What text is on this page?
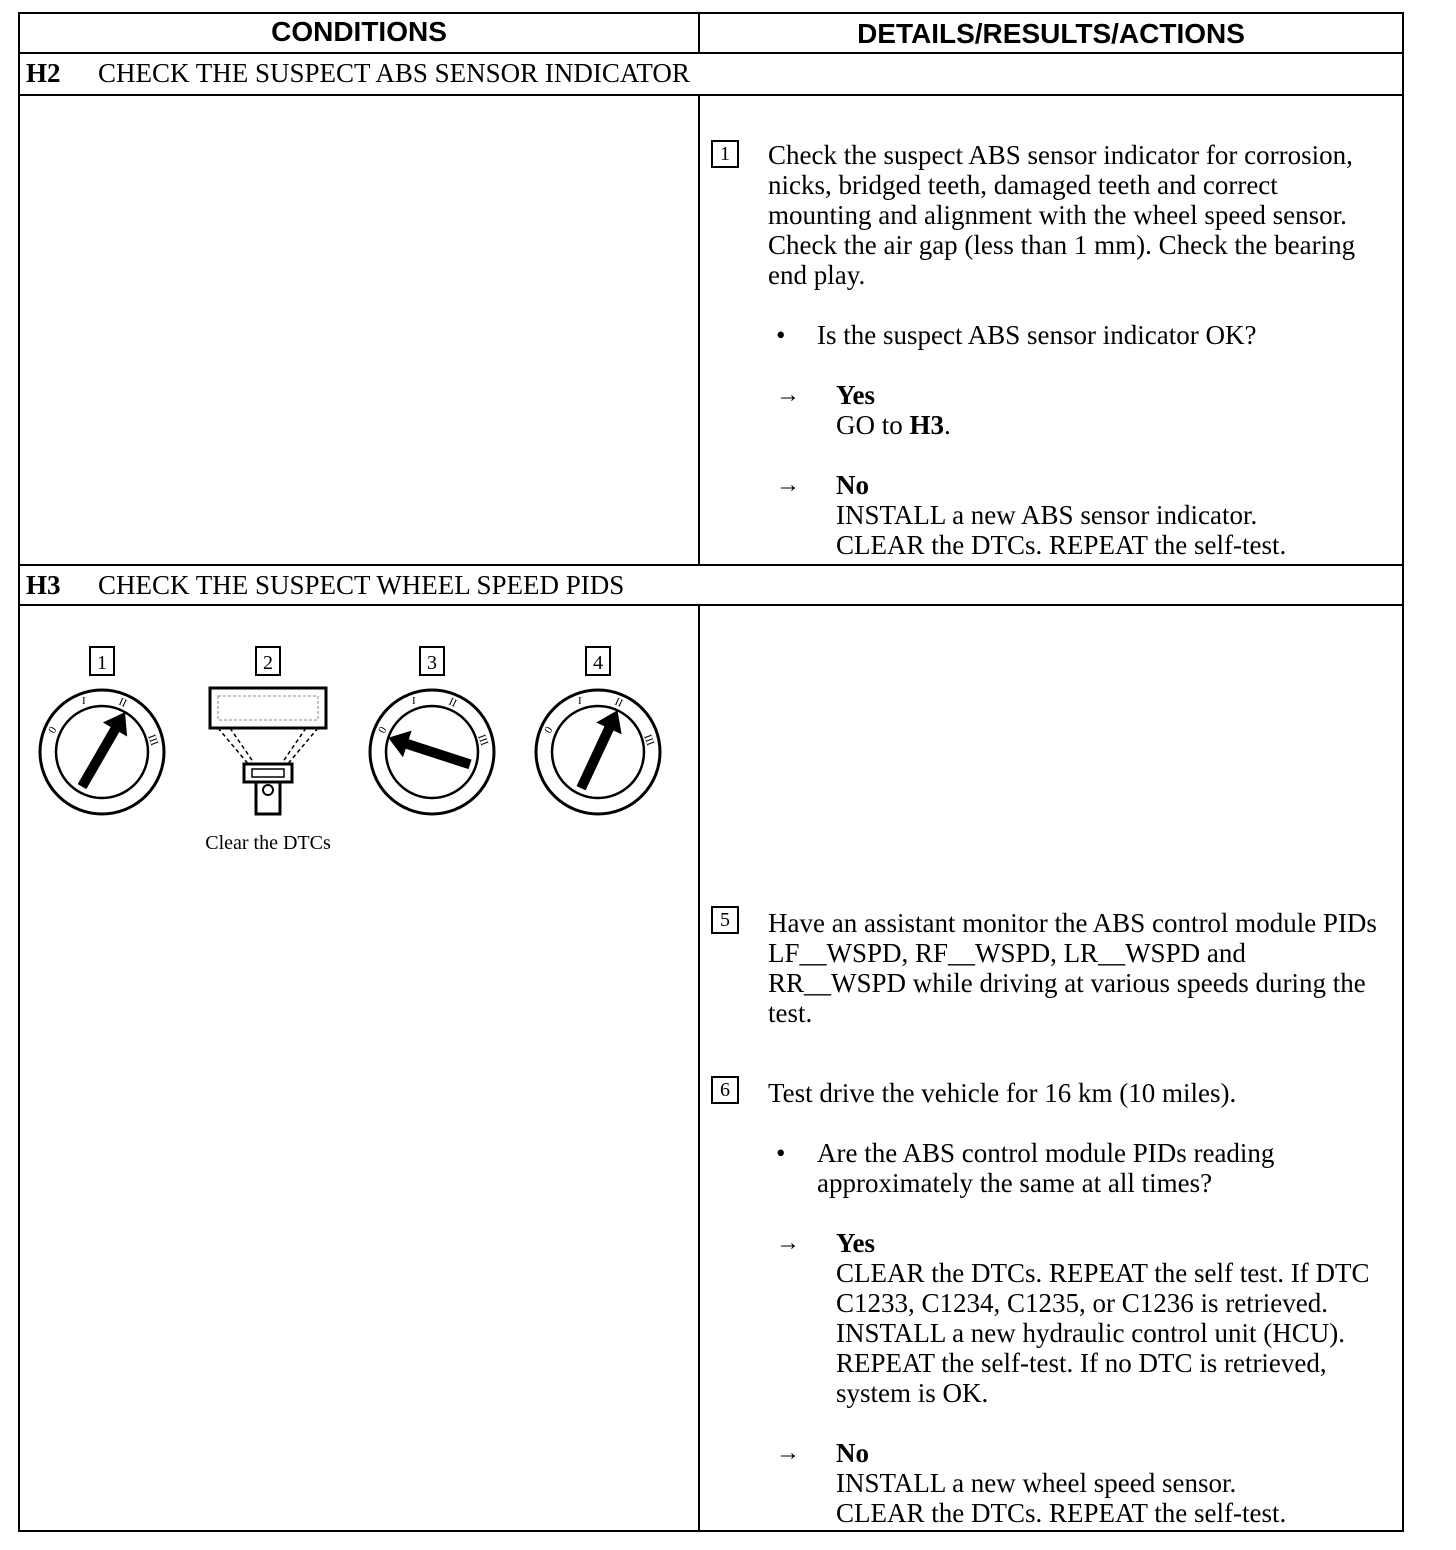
CONDITIONS	DETAILS/RESULTS/ACTIONS
H2 CHECK THE SUSPECT ABS SENSOR INDICATOR
1	Check the suspect ABS sensor indicator for corrosion, nicks, bridged teeth, damaged teeth and correct mounting and alignment with the wheel speed sensor. Check the air gap (less than 1 mm). Check the bearing end play.
• Is the suspect ABS sensor indicator OK?
→ Yes
GO to H3.
→ No
INSTALL a new ABS sensor indicator.
CLEAR the DTCs. REPEAT the self-test.
H3 CHECK THE SUSPECT WHEEL SPEED PIDS
1	2	3	4
0
I	II
III
0
I	II
III
0
I	II
III
Clear the DTCs
5	Have an assistant monitor the ABS control module PIDs LF__WSPD, RF__WSPD, LR__WSPD and RR__WSPD while driving at various speeds during the test.
6	Test drive the vehicle for 16 km (10 miles).
• Are the ABS control module PIDs reading approximately the same at all times?
→ Yes
CLEAR the DTCs. REPEAT the self test. If DTC C1233, C1234, C1235, or C1236 is retrieved. INSTALL a new hydraulic control unit (HCU). REPEAT the self-test. If no DTC is retrieved, system is OK.
→ No
INSTALL a new wheel speed sensor.
CLEAR the DTCs. REPEAT the self-test.
